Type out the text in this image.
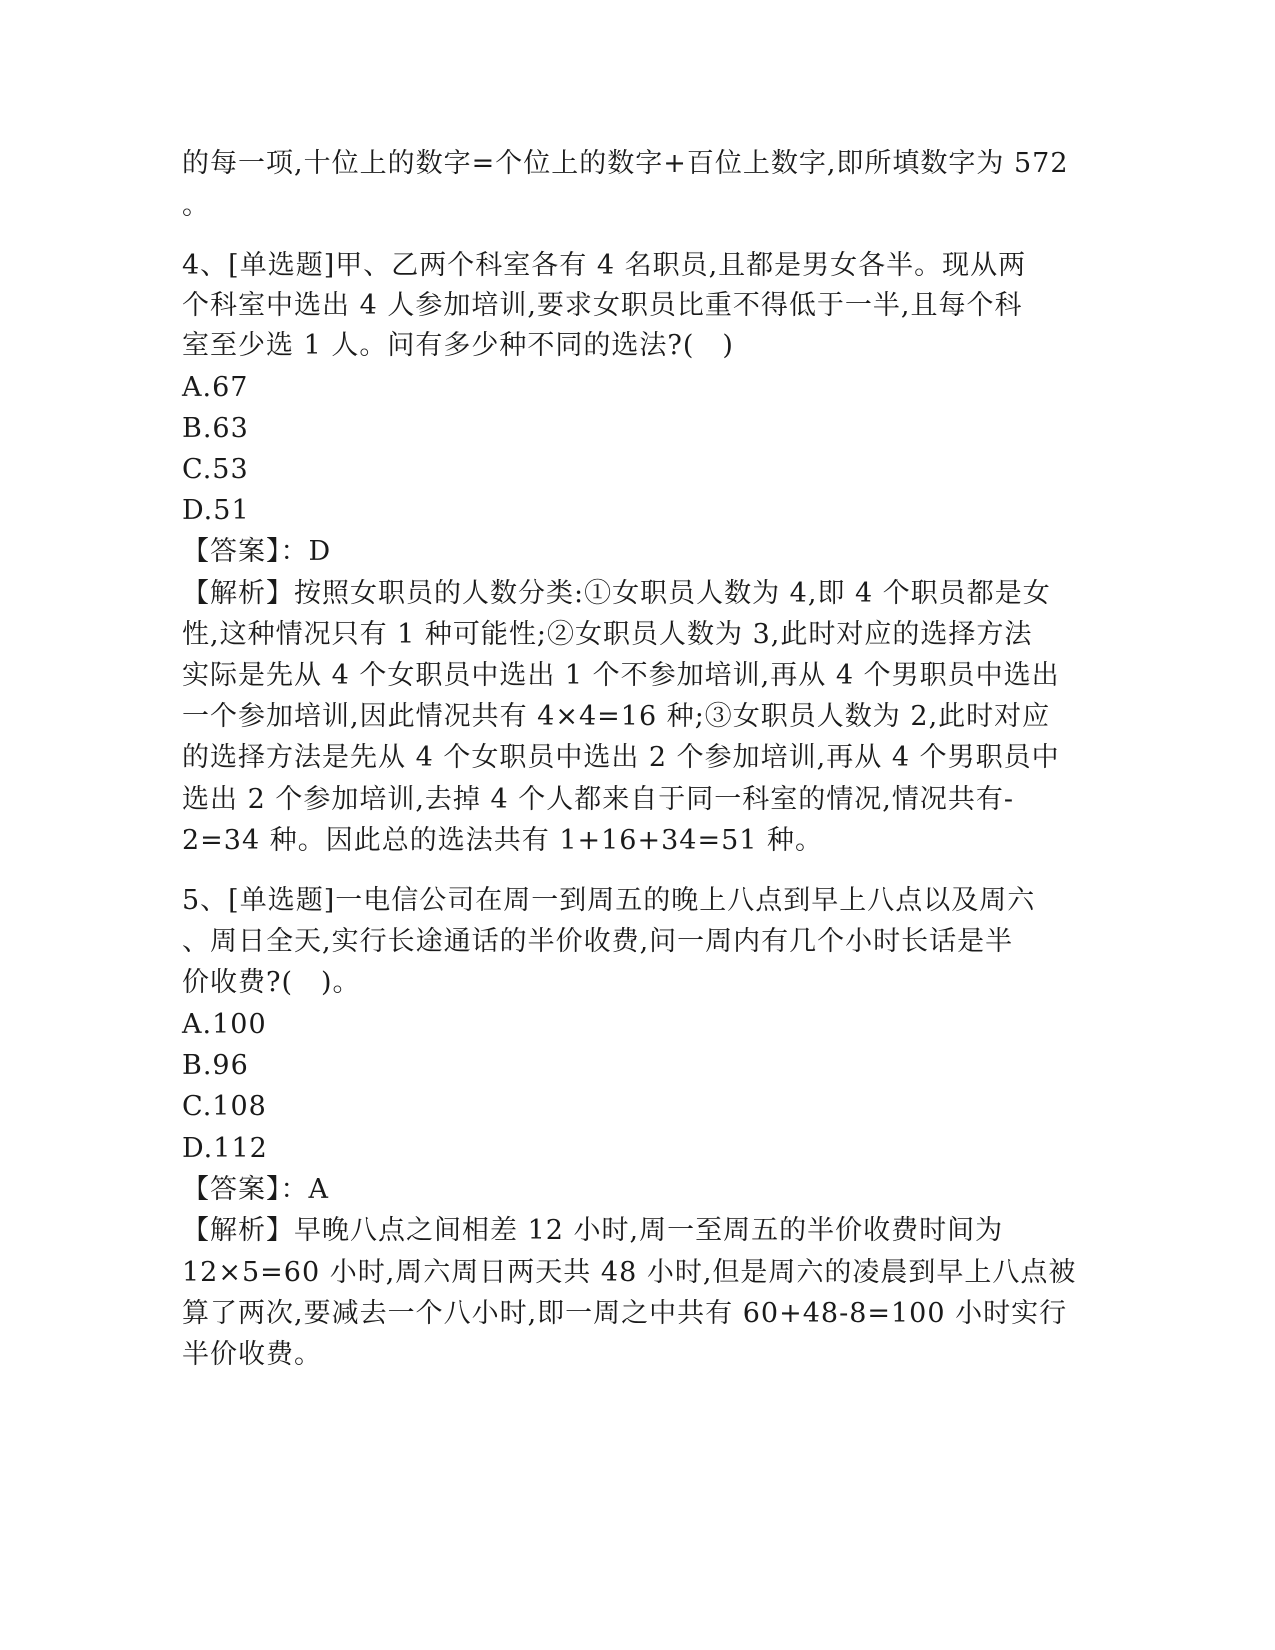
的每一项,十位上的数字=个位上的数字+百位上数字,即所填数字为 572
。
4、[单选题]甲、乙两个科室各有 4 名职员,且都是男女各半。现从两
个科室中选出 4 人参加培训,要求女职员比重不得低于一半,且每个科
室至少选 1 人。问有多少种不同的选法?(　)
A.67
B.63
C.53
D.51
【答案】：D
【解析】按照女职员的人数分类:①女职员人数为 4,即 4 个职员都是女
性,这种情况只有 1 种可能性;②女职员人数为 3,此时对应的选择方法
实际是先从 4 个女职员中选出 1 个不参加培训,再从 4 个男职员中选出
一个参加培训,因此情况共有 4×4=16 种;③女职员人数为 2,此时对应
的选择方法是先从 4 个女职员中选出 2 个参加培训,再从 4 个男职员中
选出 2 个参加培训,去掉 4 个人都来自于同一科室的情况,情况共有-
2=34 种。因此总的选法共有 1+16+34=51 种。
5、[单选题]一电信公司在周一到周五的晚上八点到早上八点以及周六
、周日全天,实行长途通话的半价收费,问一周内有几个小时长话是半
价收费?(　)。
A.100
B.96
C.108
D.112
【答案】：A
【解析】早晚八点之间相差 12 小时,周一至周五的半价收费时间为
12×5=60 小时,周六周日两天共 48 小时,但是周六的凌晨到早上八点被
算了两次,要减去一个八小时,即一周之中共有 60+48-8=100 小时实行
半价收费。
